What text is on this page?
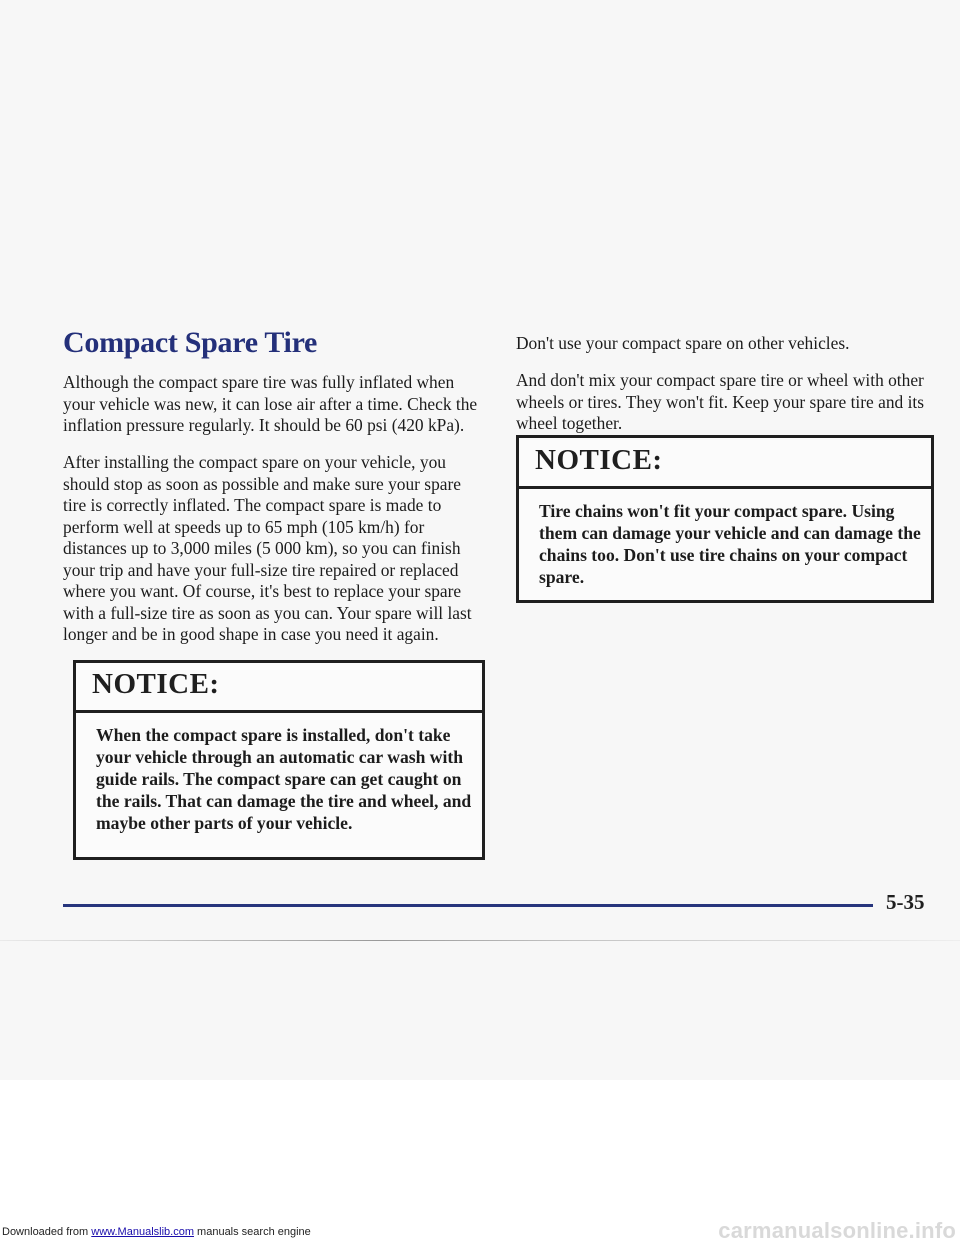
Compact Spare Tire

Although the compact spare tire was fully inflated when your vehicle was new, it can lose air after a time. Check the inflation pressure regularly. It should be 60 psi (420 kPa).

After installing the compact spare on your vehicle, you should stop as soon as possible and make sure your spare tire is correctly inflated. The compact spare is made to perform well at speeds up to 65 mph (105 km/h) for distances up to 3,000 miles (5 000 km), so you can finish your trip and have your full-size tire repaired or replaced where you want. Of course, it's best to replace your spare with a full-size tire as soon as you can. Your spare will last longer and be in good shape in case you need it again.

NOTICE:
When the compact spare is installed, don't take your vehicle through an automatic car wash with guide rails. The compact spare can get caught on the rails. That can damage the tire and wheel, and maybe other parts of your vehicle.

Don't use your compact spare on other vehicles.

And don't mix your compact spare tire or wheel with other wheels or tires. They won't fit. Keep your spare tire and its wheel together.

NOTICE:
Tire chains won't fit your compact spare. Using them can damage your vehicle and can damage the chains too. Don't use tire chains on your compact spare.

5-35

Downloaded from www.Manualslib.com manuals search engine	carmanualsonline.info
